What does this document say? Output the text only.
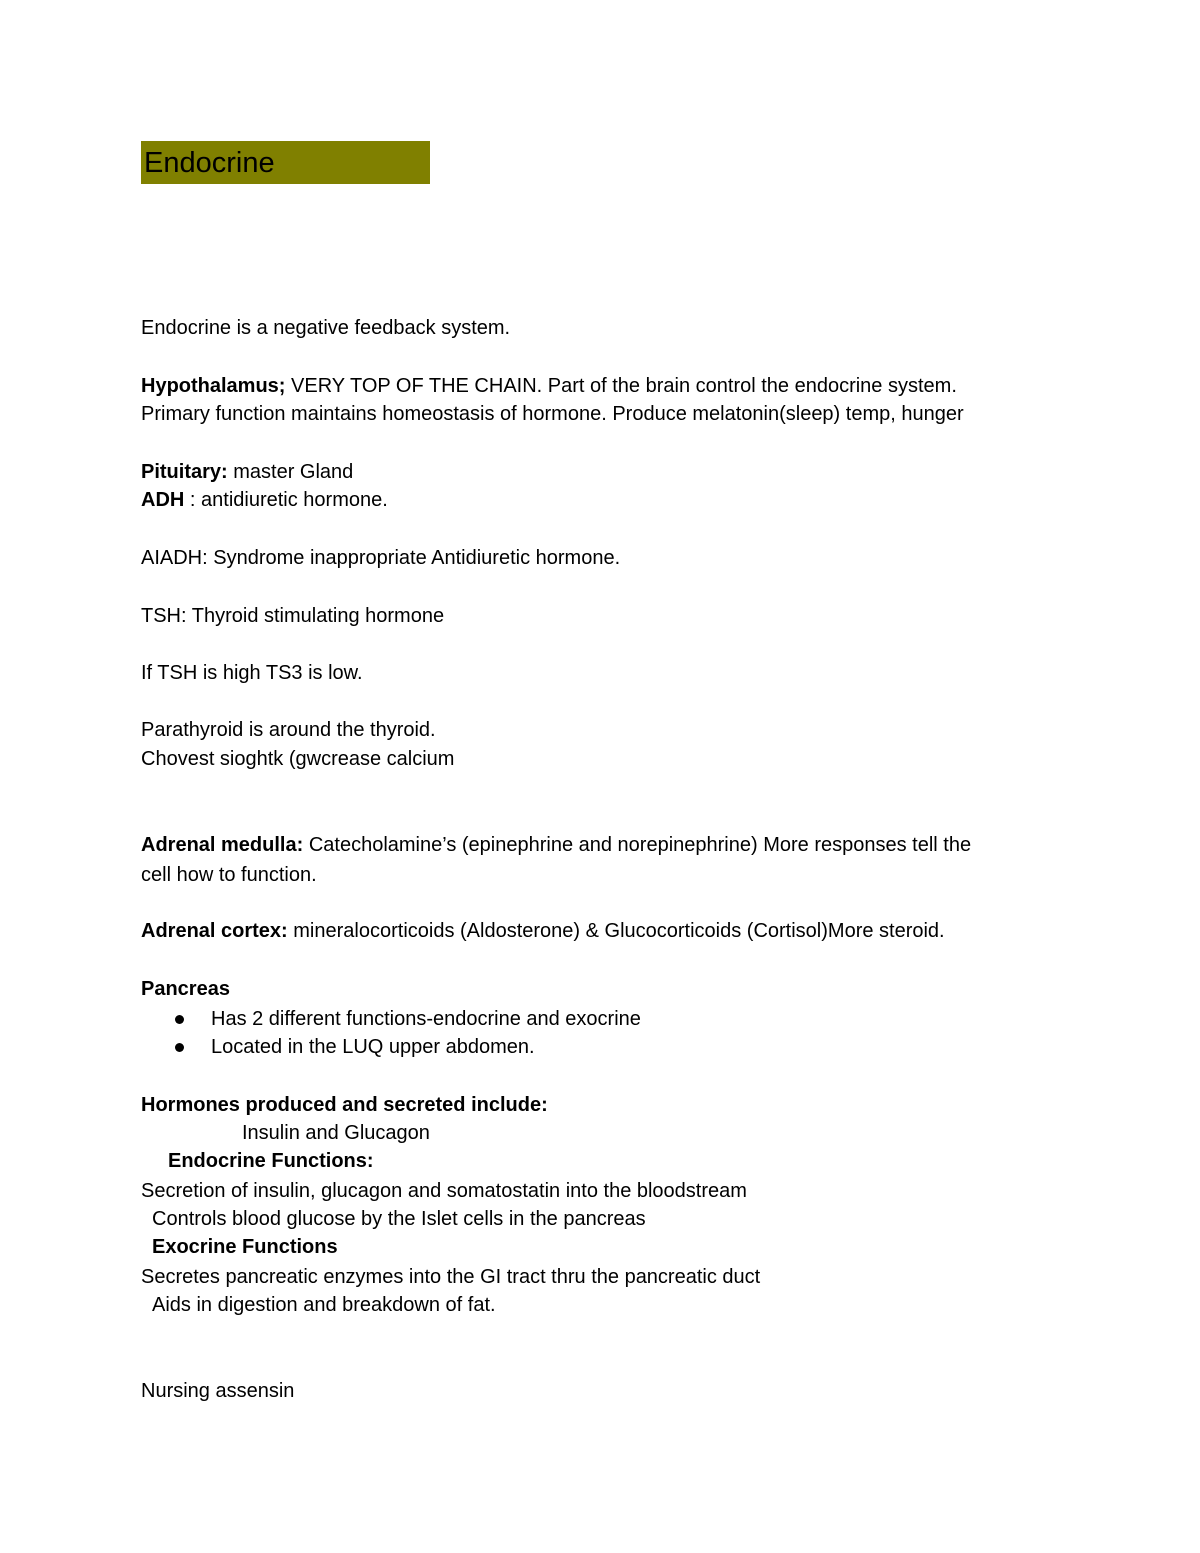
Endocrine
Endocrine is a negative feedback system.
Hypothalamus; VERY TOP OF THE CHAIN. Part of the brain control the endocrine system.
Primary function maintains homeostasis of hormone. Produce melatonin(sleep) temp, hunger
Pituitary: master Gland
ADH : antidiuretic hormone.
AIADH: Syndrome inappropriate Antidiuretic hormone.
TSH: Thyroid stimulating hormone
If TSH is high TS3 is low.
Parathyroid is around the thyroid.
Chovest sioghtk (gwcrease calcium
Adrenal medulla: Catecholamine’s (epinephrine and norepinephrine) More responses tell the
cell how to function.
Adrenal cortex: mineralocorticoids (Aldosterone) & Glucocorticoids (Cortisol)More steroid.
Pancreas
Has 2 different functions-endocrine and exocrine
Located in the LUQ upper abdomen.
Hormones produced and secreted include:
Insulin and Glucagon
Endocrine Functions:
Secretion of insulin, glucagon and somatostatin into the bloodstream
Controls blood glucose by the Islet cells in the pancreas
Exocrine Functions
Secretes pancreatic enzymes into the GI tract thru the pancreatic duct
Aids in digestion and breakdown of fat.
Nursing assensin
